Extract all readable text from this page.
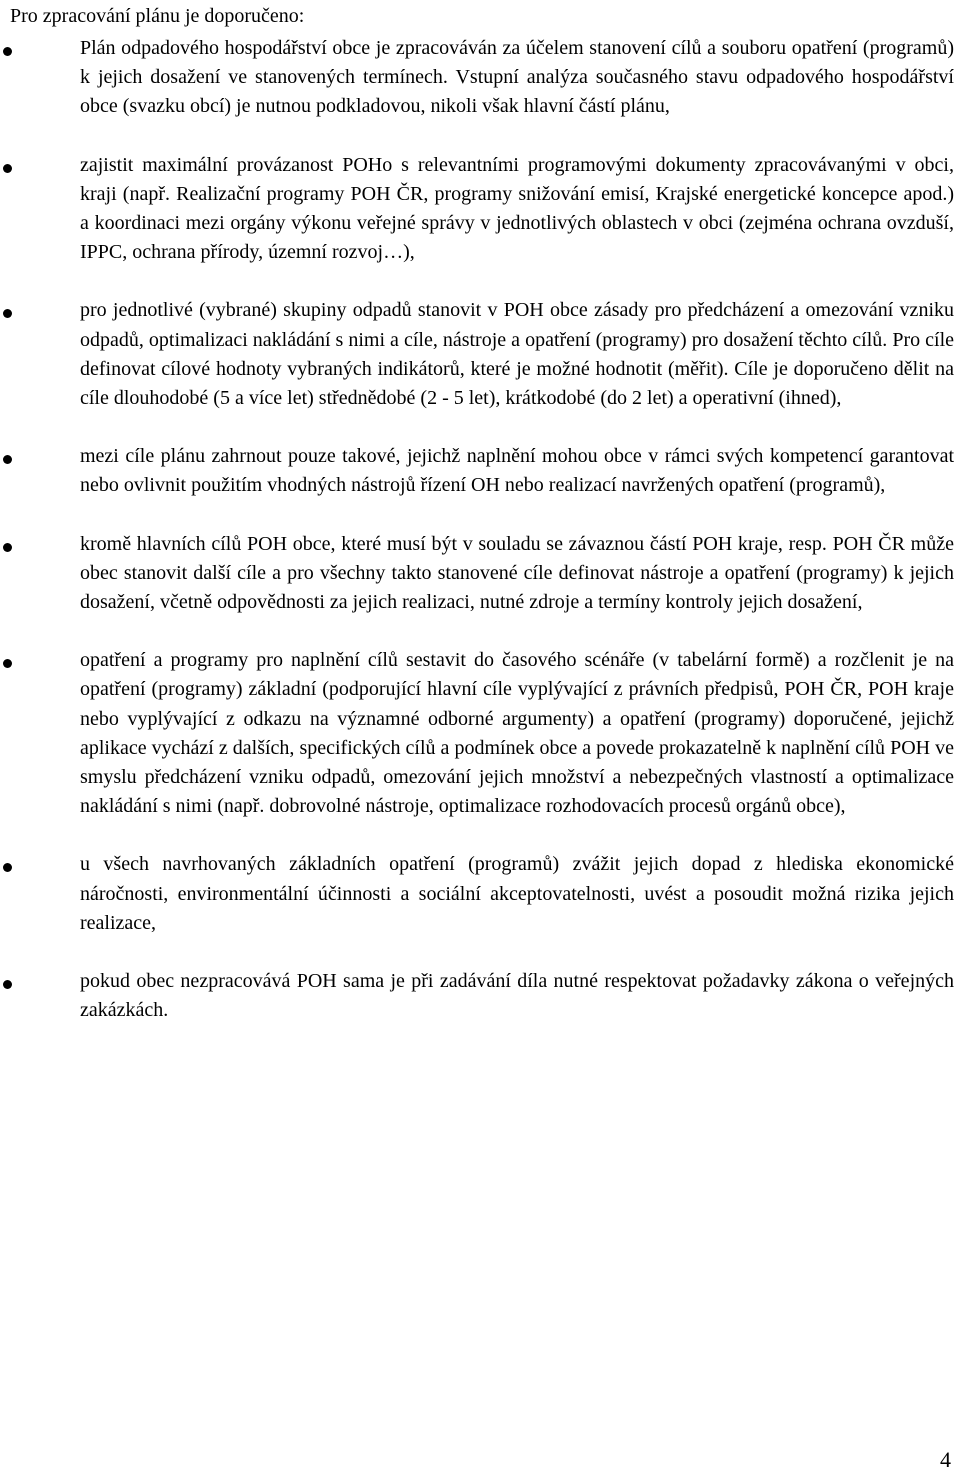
Pro zpracování plánu je doporučeno:

Plán odpadového hospodářství obce je zpracováván za účelem stanovení cílů a souboru opatření (programů) k jejich dosažení ve stanovených termínech. Vstupní analýza současného stavu odpadového hospodářství obce (svazku obcí) je nutnou podkladovou, nikoli však hlavní částí plánu,

zajistit maximální provázanost POHo s relevantními programovými dokumenty zpracovávanými v obci, kraji (např. Realizační programy POH ČR, programy snižování emisí, Krajské energetické koncepce apod.) a koordinaci mezi orgány výkonu veřejné správy v jednotlivých oblastech v obci (zejména ochrana ovzduší, IPPC, ochrana přírody, územní rozvoj…),

pro jednotlivé (vybrané) skupiny odpadů stanovit v POH obce zásady pro předcházení a omezování vzniku odpadů, optimalizaci nakládání s nimi a cíle, nástroje a opatření (programy) pro dosažení těchto cílů. Pro cíle definovat cílové hodnoty vybraných indikátorů, které je možné hodnotit (měřit). Cíle je doporučeno dělit na cíle dlouhodobé (5 a více let) střednědobé (2 - 5 let), krátkodobé (do 2 let) a operativní (ihned),

mezi cíle plánu zahrnout pouze takové, jejichž naplnění mohou obce v rámci svých kompetencí garantovat nebo ovlivnit použitím vhodných nástrojů řízení OH nebo realizací navržených opatření (programů),

kromě hlavních cílů POH obce, které musí být v souladu se závaznou částí POH kraje, resp. POH ČR může obec stanovit další cíle a pro všechny takto stanovené cíle definovat nástroje a opatření (programy) k jejich dosažení, včetně odpovědnosti za jejich realizaci, nutné zdroje a termíny kontroly jejich dosažení,

opatření a programy pro naplnění cílů sestavit do časového scénáře (v tabelární formě) a rozčlenit je na opatření (programy) základní (podporující hlavní cíle vyplývající z právních předpisů, POH ČR, POH kraje nebo vyplývající z odkazu na významné odborné argumenty) a opatření (programy) doporučené, jejichž aplikace vychází z dalších, specifických cílů a podmínek obce a povede prokazatelně k naplnění cílů POH ve smyslu předcházení vzniku odpadů, omezování jejich množství a nebezpečných vlastností a optimalizace nakládání s nimi (např. dobrovolné nástroje, optimalizace rozhodovacích procesů orgánů obce),

u všech navrhovaných základních opatření (programů) zvážit jejich dopad z hlediska ekonomické náročnosti, environmentální účinnosti a sociální akceptovatelnosti, uvést a posoudit možná rizika jejich realizace,

pokud obec nezpracovává POH sama je při zadávání díla nutné respektovat požadavky zákona o veřejných zakázkách.

4
